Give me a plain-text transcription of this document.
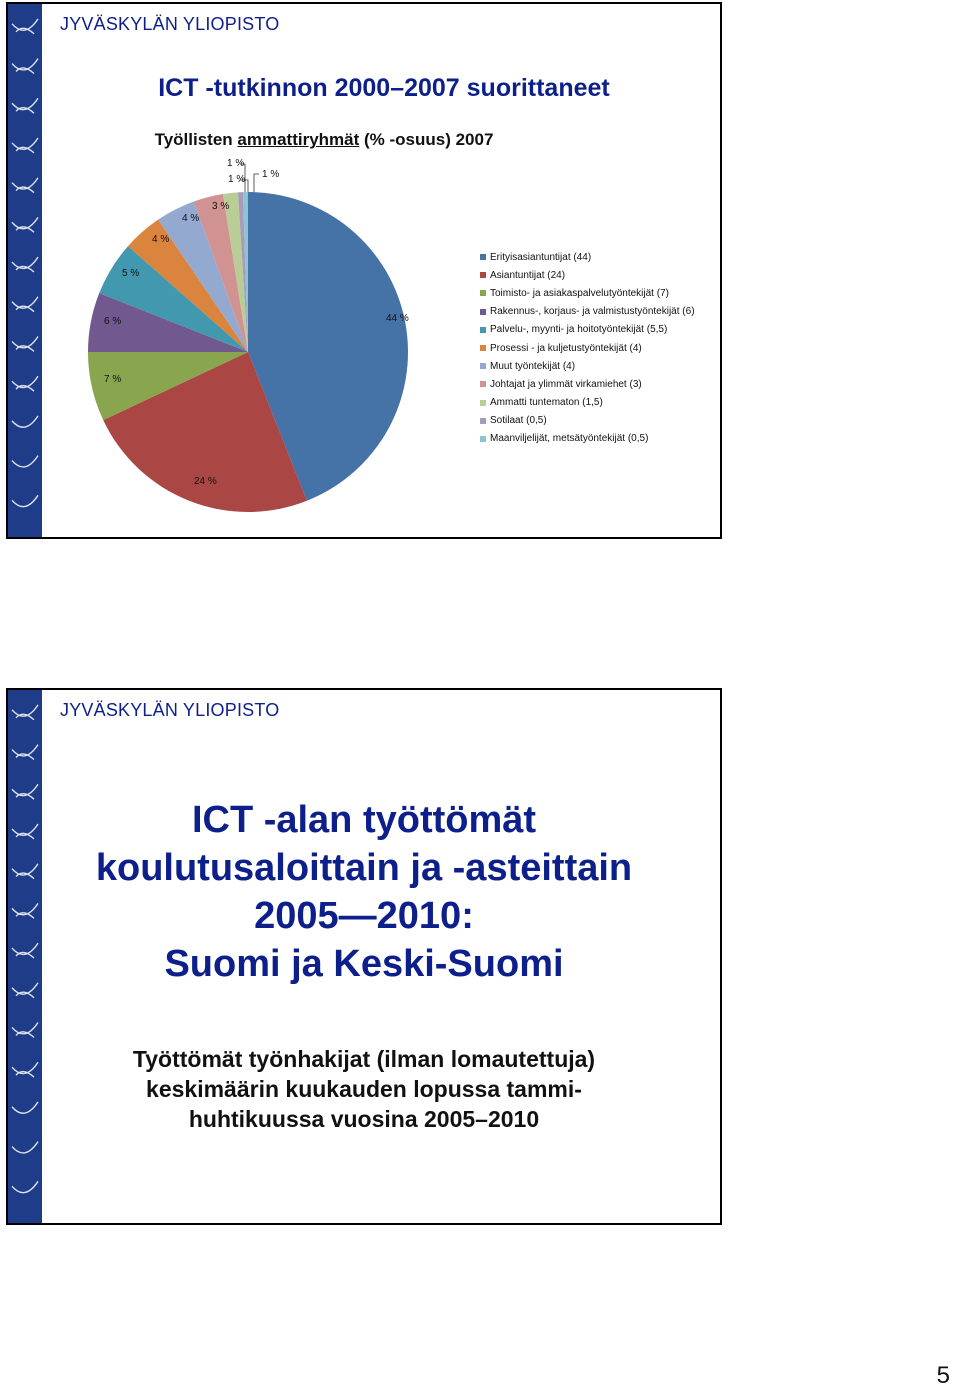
JYVÄSKYLÄN YLIOPISTO
ICT -tutkinnon 2000–2007 suorittaneet
Työllisten ammattiryhmät (% -osuus) 2007
44 %
24 %
7 %
6 %
5 %
4 %
4 %
3 %
1 %
1 %
1 %
Erityisasiantuntijat (44)
Asiantuntijat (24)
Toimisto- ja asiakaspalvelutyöntekijät (7)
Rakennus-, korjaus- ja valmistustyöntekijät (6)
Palvelu-, myynti- ja hoitotyöntekijät (5,5)
Prosessi - ja kuljetustyöntekijät (4)
Muut työntekijät (4)
Johtajat ja ylimmät virkamiehet (3)
Ammatti tuntematon (1,5)
Sotilaat (0,5)
Maanviljelijät, metsätyöntekijät (0,5)
JYVÄSKYLÄN YLIOPISTO
ICT -alan työttömät
koulutusaloittain ja -asteittain
2005—2010:
Suomi ja Keski-Suomi
Työttömät työnhakijat (ilman lomautettuja)
keskimäärin kuukauden lopussa tammi-
huhtikuussa vuosina 2005–2010
5
